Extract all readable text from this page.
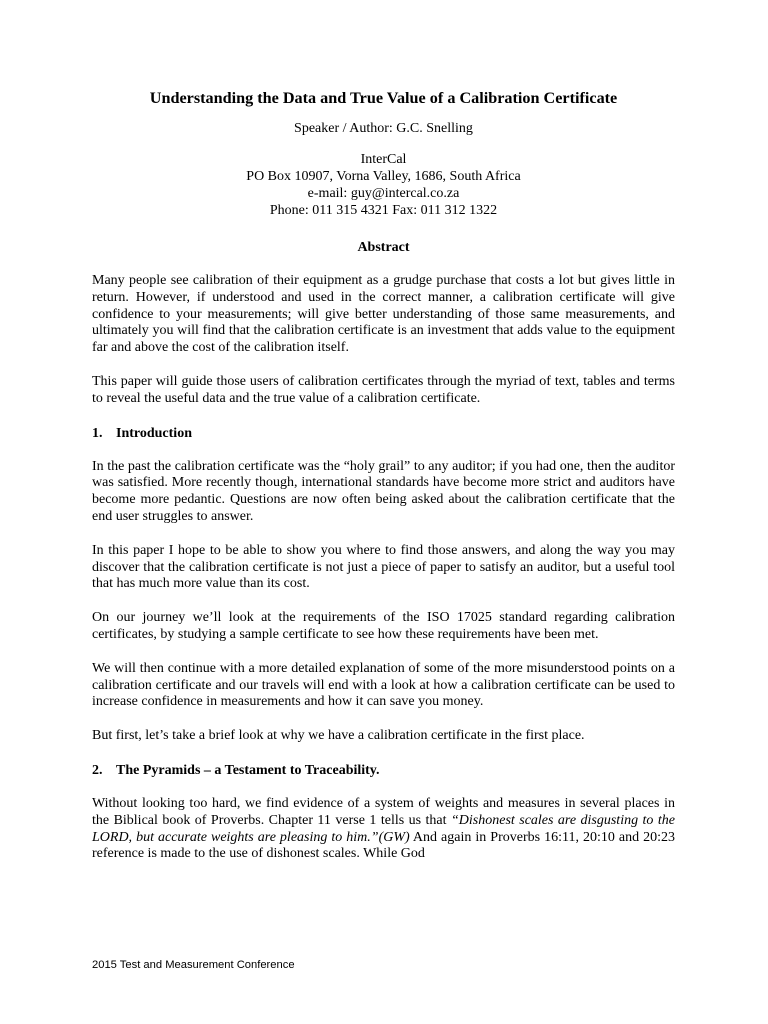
Understanding the Data and True Value of a Calibration Certificate
Speaker / Author: G.C. Snelling
InterCal
PO Box 10907, Vorna Valley, 1686, South Africa
e-mail: guy@intercal.co.za
Phone: 011 315 4321 Fax: 011 312 1322
Abstract

Many people see calibration of their equipment as a grudge purchase that costs a lot but gives little in return. However, if understood and used in the correct manner, a calibration certificate will give confidence to your measurements; will give better understanding of those same measurements, and ultimately you will find that the calibration certificate is an investment that adds value to the equipment far and above the cost of the calibration itself.

This paper will guide those users of calibration certificates through the myriad of text, tables and terms to reveal the useful data and the true value of a calibration certificate.

1. Introduction

In the past the calibration certificate was the “holy grail” to any auditor; if you had one, then the auditor was satisfied. More recently though, international standards have become more strict and auditors have become more pedantic. Questions are now often being asked about the calibration certificate that the end user struggles to answer.

In this paper I hope to be able to show you where to find those answers, and along the way you may discover that the calibration certificate is not just a piece of paper to satisfy an auditor, but a useful tool that has much more value than its cost.

On our journey we’ll look at the requirements of the ISO 17025 standard regarding calibration certificates, by studying a sample certificate to see how these requirements have been met.

We will then continue with a more detailed explanation of some of the more misunderstood points on a calibration certificate and our travels will end with a look at how a calibration certificate can be used to increase confidence in measurements and how it can save you money.

But first, let’s take a brief look at why we have a calibration certificate in the first place.

2. The Pyramids – a Testament to Traceability.

Without looking too hard, we find evidence of a system of weights and measures in several places in the Biblical book of Proverbs. Chapter 11 verse 1 tells us that “Dishonest scales are disgusting to the LORD, but accurate weights are pleasing to him.”(GW) And again in Proverbs 16:11, 20:10 and 20:23 reference is made to the use of dishonest scales. While God

2015 Test and Measurement Conference
